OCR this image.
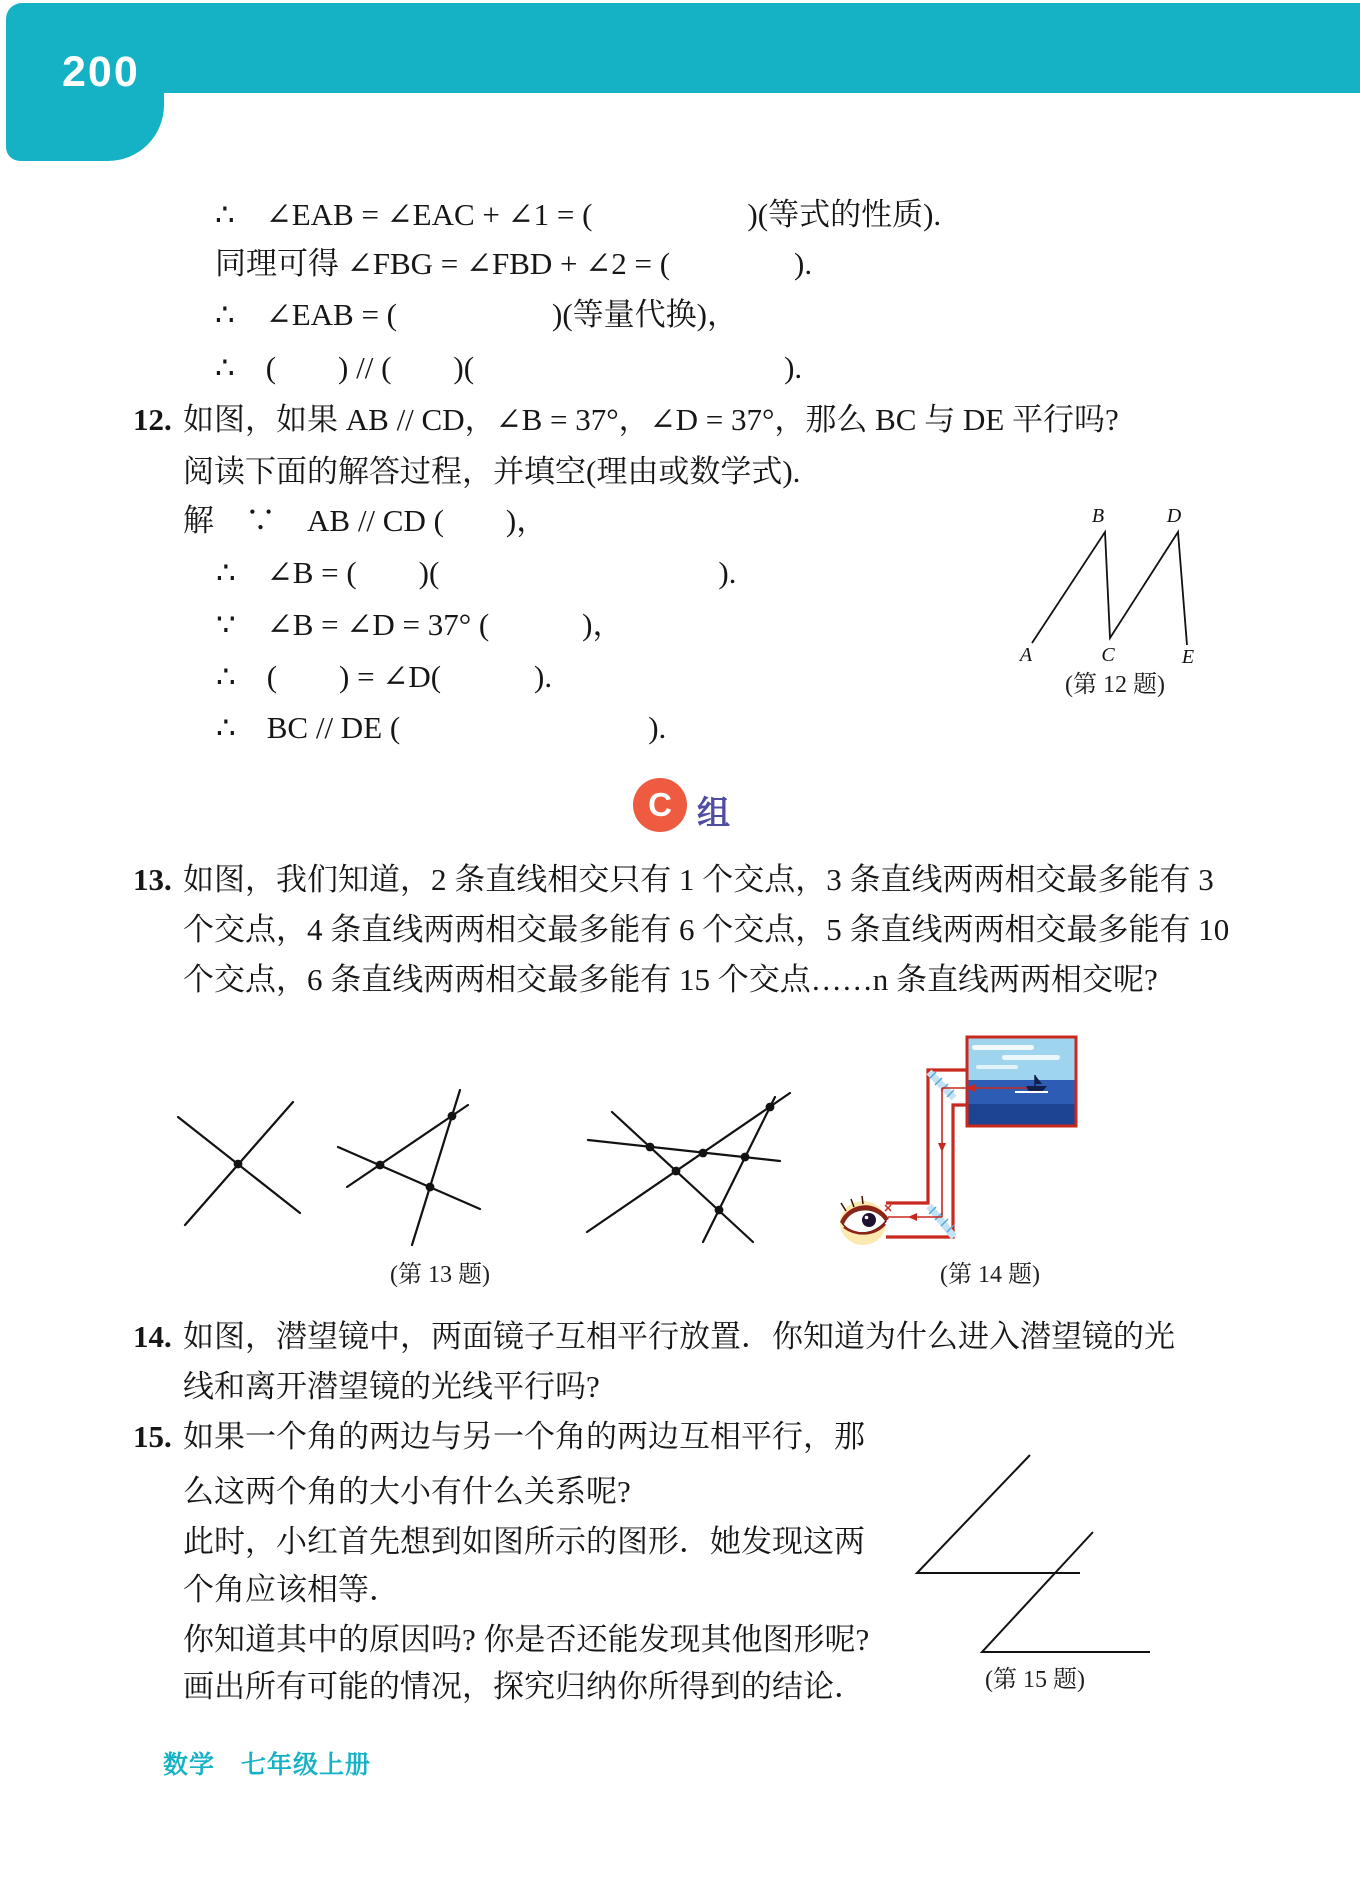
200
∴　∠EAB = ∠EAC + ∠1 = (　　　　　)(等式的性质).
同理可得 ∠FBG = ∠FBD + ∠2 = (　　　　).
∴　∠EAB = (　　　　　)(等量代换)，
∴　(　　) // (　　)(　　　　　　　　　　).
12. 如图，如果 AB // CD，∠B = 37°，∠D = 37°，那么 BC 与 DE 平行吗?
阅读下面的解答过程，并填空(理由或数学式).
解　∵　AB // CD (　　)，
∴　∠B = (　　)(　　　　　　　　　).
∵　∠B = ∠D = 37° (　　　)，
∴　(　　) = ∠D(　　　).
∴　BC // DE (　　　　　　　　).
B	D
A	C	E
(第 12 题)
C 组
13. 如图，我们知道，2 条直线相交只有 1 个交点，3 条直线两两相交最多能有 3
个交点，4 条直线两两相交最多能有 6 个交点，5 条直线两两相交最多能有 10
个交点，6 条直线两两相交最多能有 15 个交点……n 条直线两两相交呢?
(第 13 题)	(第 14 题)
14. 如图，潜望镜中，两面镜子互相平行放置．你知道为什么进入潜望镜的光
线和离开潜望镜的光线平行吗?
15. 如果一个角的两边与另一个角的两边互相平行，那
么这两个角的大小有什么关系呢?
此时，小红首先想到如图所示的图形．她发现这两
个角应该相等．
你知道其中的原因吗? 你是否还能发现其他图形呢?
画出所有可能的情况，探究归纳你所得到的结论．	(第 15 题)
数学　七年级上册
